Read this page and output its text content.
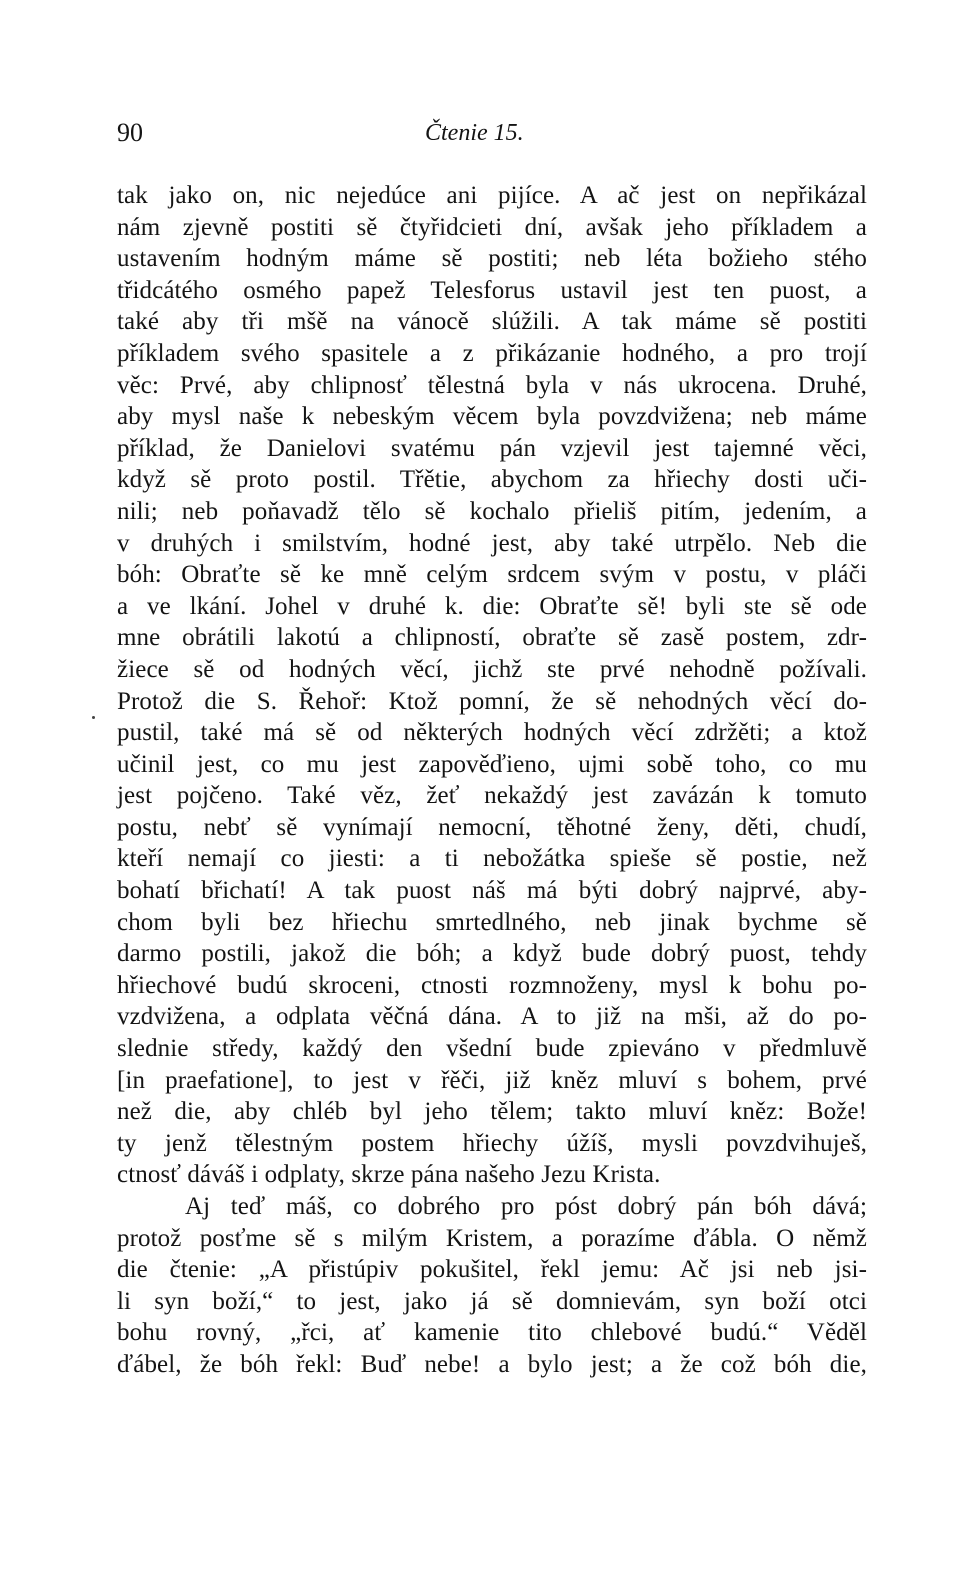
90	Čtenie 15.
tak jako on, nic nejedúce ani pijíce. A ač jest on nepřikázal
nám zjevně postiti sě čtyřidcieti dní, avšak jeho příkladem a
ustavením hodným máme sě postiti; neb léta božieho stého
třidcátého osmého papež Telesforus ustavil jest ten puost, a
také aby tři mšě na vánocě slúžili. A tak máme sě postiti
příkladem svého spasitele a z přikázanie hodného, a pro trojí
věc: Prvé, aby chlipnosť tělestná byla v nás ukrocena. Druhé,
aby mysl naše k nebeským věcem byla povzdvižena; neb máme
příklad, že Danielovi svatému pán vzjevil jest tajemné věci,
když sě proto postil. Třětie, abychom za hřiechy dosti uči-
nili; neb poňavadž tělo sě kochalo přieliš pitím, jedením, a
v druhých i smilstvím, hodné jest, aby také utrpělo. Neb die
bóh: Obraťte sě ke mně celým srdcem svým v postu, v pláči
a ve lkání. Johel v druhé k. die: Obraťte sě! byli ste sě ode
mne obrátili lakotú a chlipností, obraťte sě zasě postem, zdr-
žiece sě od hodných věcí, jichž ste prvé nehodně požívali.
Protož die S. Řehoř: Ktož pomní, že sě nehodných věcí do-
pustil, také má sě od některých hodných věcí zdržěti; a ktož
učinil jest, co mu jest zapověďieno, ujmi sobě toho, co mu
jest pojčeno. Také věz, žeť nekaždý jest zavázán k tomuto
postu, nebť sě vynímají nemocní, těhotné ženy, děti, chudí,
kteří nemají co jiesti: a ti nebožátka spieše sě postie, než
bohatí břichatí! A tak puost náš má býti dobrý najprvé, aby-
chom byli bez hřiechu smrtedlného, neb jinak bychme sě
darmo postili, jakož die bóh; a když bude dobrý puost, tehdy
hřiechové budú skroceni, ctnosti rozmnoženy, mysl k bohu po-
vzdvižena, a odplata věčná dána. A to již na mši, až do po-
slednie středy, každý den všední bude zpieváno v předmluvě
[in praefatione], to jest v řěči, již kněz mluví s bohem, prvé
než die, aby chléb byl jeho tělem; takto mluví kněz: Bože!
ty jenž tělestným postem hřiechy úžíš, mysli povzdvihuješ,
ctnosť dáváš i odplaty, skrze pána našeho Jezu Krista.
Aj teď máš, co dobrého pro póst dobrý pán bóh dává;
protož posťme sě s milým Kristem, a porazíme ďábla. O němž
die čtenie: „A přistúpiv pokušitel, řekl jemu: Ač jsi neb jsi-
li syn boží,“ to jest, jako já sě domnievám, syn boží otci
bohu rovný, „řci, ať kamenie tito chlebové budú.“ Věděl
ďábel, že bóh řekl: Buď nebe! a bylo jest; a že což bóh die,
